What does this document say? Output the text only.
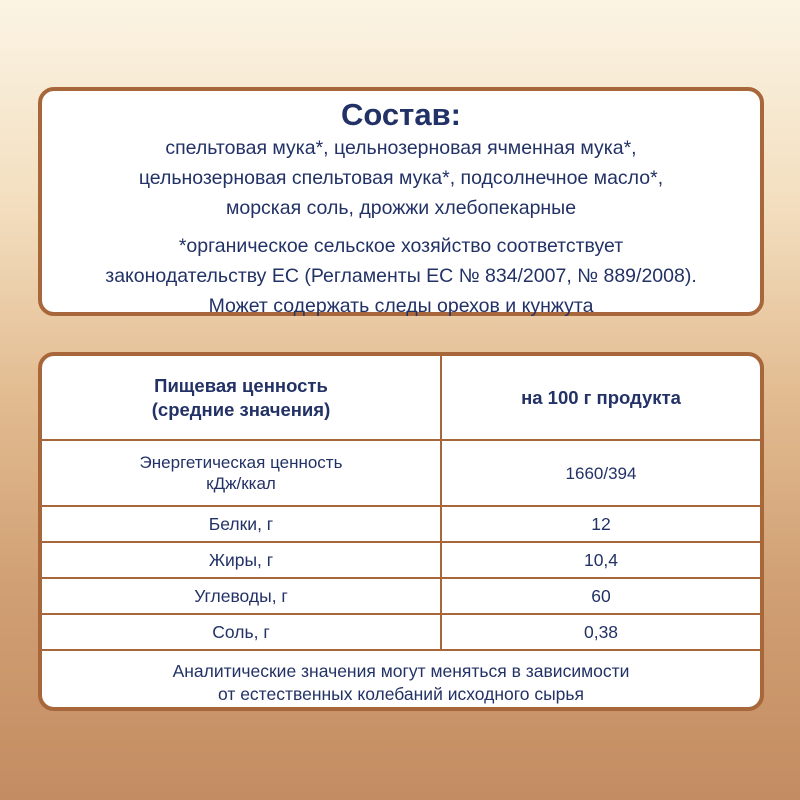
Состав:

спельтовая мука*, цельнозерновая ячменная мука*,

цельнозерновая спельтовая мука*, подсолнечное масло*,

морская соль, дрожжи хлебопекарные

*органическое сельское хозяйство соответствует

законодательству ЕС (Регламенты ЕС № 834/2007, № 889/2008).

Может содержать следы орехов и кунжута

Пищевая ценность
(средние значения)	на 100 г продукта

Энергетическая ценность
кДж/ккал	1660/394
Белки, г	12
Жиры, г	10,4
Углеводы, г	60
Соль, г	0,38

Аналитические значения могут меняться в зависимости
от естественных колебаний исходного сырья	
